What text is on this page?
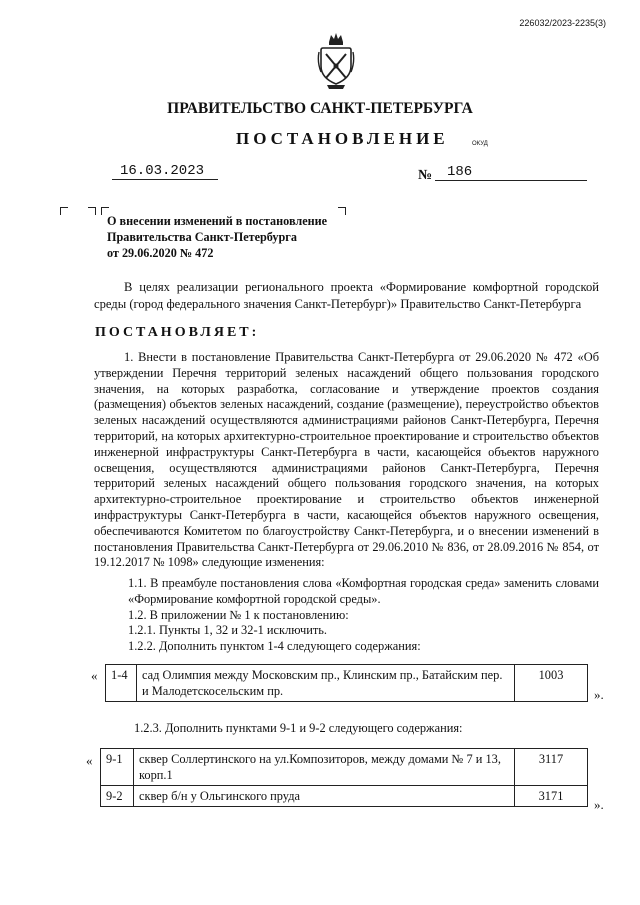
226032/2023-2235(3)
ПРАВИТЕЛЬСТВО САНКТ-ПЕТЕРБУРГА
ПОСТАНОВЛЕНИЕ	ОКУД
16.03.2023	№	186
О внесении изменений в постановление
Правительства Санкт-Петербурга
от 29.06.2020 № 472
В целях реализации регионального проекта «Формирование комфортной городской среды (город федерального значения Санкт-Петербург)» Правительство Санкт-Петербурга
ПОСТАНОВЛЯЕТ:

1. Внести в постановление Правительства Санкт-Петербурга от 29.06.2020 № 472 «Об утверждении Перечня территорий зеленых насаждений общего пользования городского значения, на которых разработка, согласование и утверждение проектов создания (размещения) объектов зеленых насаждений, создание (размещение), переустройство объектов зеленых насаждений осуществляются администрациями районов Санкт-Петербурга, Перечня территорий, на которых архитектурно-строительное проектирование и строительство объектов инженерной инфраструктуры Санкт-Петербурга в части, касающейся объектов наружного освещения, осуществляются администрациями районов Санкт-Петербурга, Перечня территорий зеленых насаждений общего пользования городского значения, на которых архитектурно-строительное проектирование и строительство объектов инженерной инфраструктуры Санкт-Петербурга в части, касающейся объектов наружного освещения, обеспечиваются Комитетом по благоустройству Санкт-Петербурга, и о внесении изменений в постановления Правительства Санкт-Петербурга от 29.06.2010 № 836, от 28.09.2016 № 854, от 19.12.2017 № 1098» следующие изменения:

1.1. В преамбуле постановления слова «Комфортная городская среда» заменить словами «Формирование комфортной городской среды».

1.2. В приложении № 1 к постановлению:

1.2.1. Пункты 1, 32 и 32-1 исключить.

1.2.2. Дополнить пунктом 1-4 следующего содержания:

« 1-4	сад Олимпия между Московским пр., Клинским пр., Батайским пер. и Малодетскосельским пр.	1003
».
1.2.3. Дополнить пунктами 9-1 и 9-2 следующего содержания:
« 9-1	сквер Соллертинского на ул.Композиторов, между домами № 7 и 13, корп.1	3117
9-2	сквер б/н у Ольгинского пруда	3171
».
